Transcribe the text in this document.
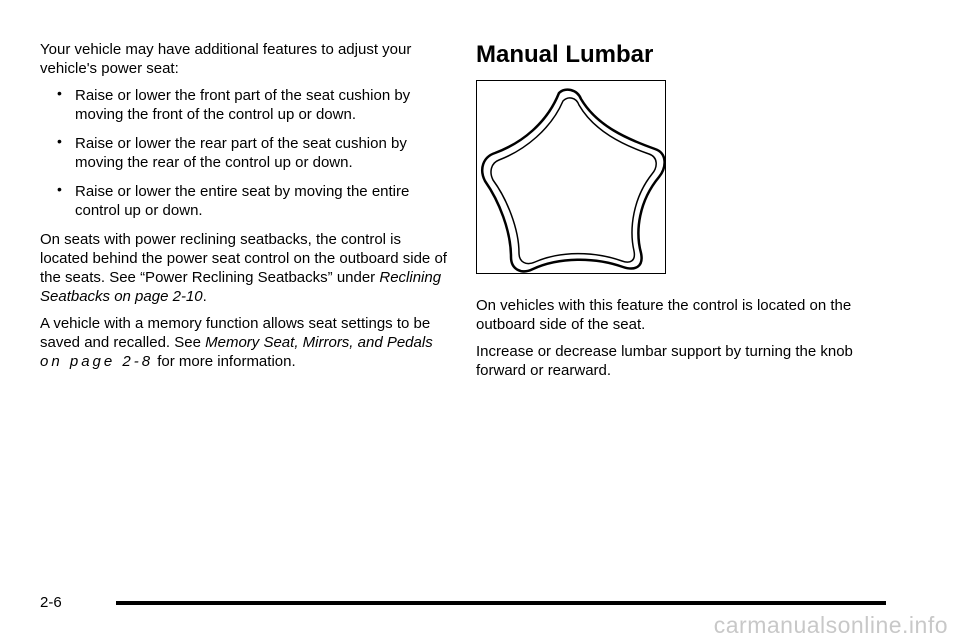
Your vehicle may have additional features to adjust your vehicle's power seat:

• Raise or lower the front part of the seat cushion by moving the front of the control up or down.
• Raise or lower the rear part of the seat cushion by moving the rear of the control up or down.
• Raise or lower the entire seat by moving the entire control up or down.

On seats with power reclining seatbacks, the control is located behind the power seat control on the outboard side of the seats. See “Power Reclining Seatbacks” under Reclining Seatbacks on page 2-10.

A vehicle with a memory function allows seat settings to be saved and recalled. See Memory Seat, Mirrors, and Pedals on page 2-8 for more information.

Manual Lumbar

On vehicles with this feature the control is located on the outboard side of the seat.

Increase or decrease lumbar support by turning the knob forward or rearward.

2-6
carmanualsonline.info
